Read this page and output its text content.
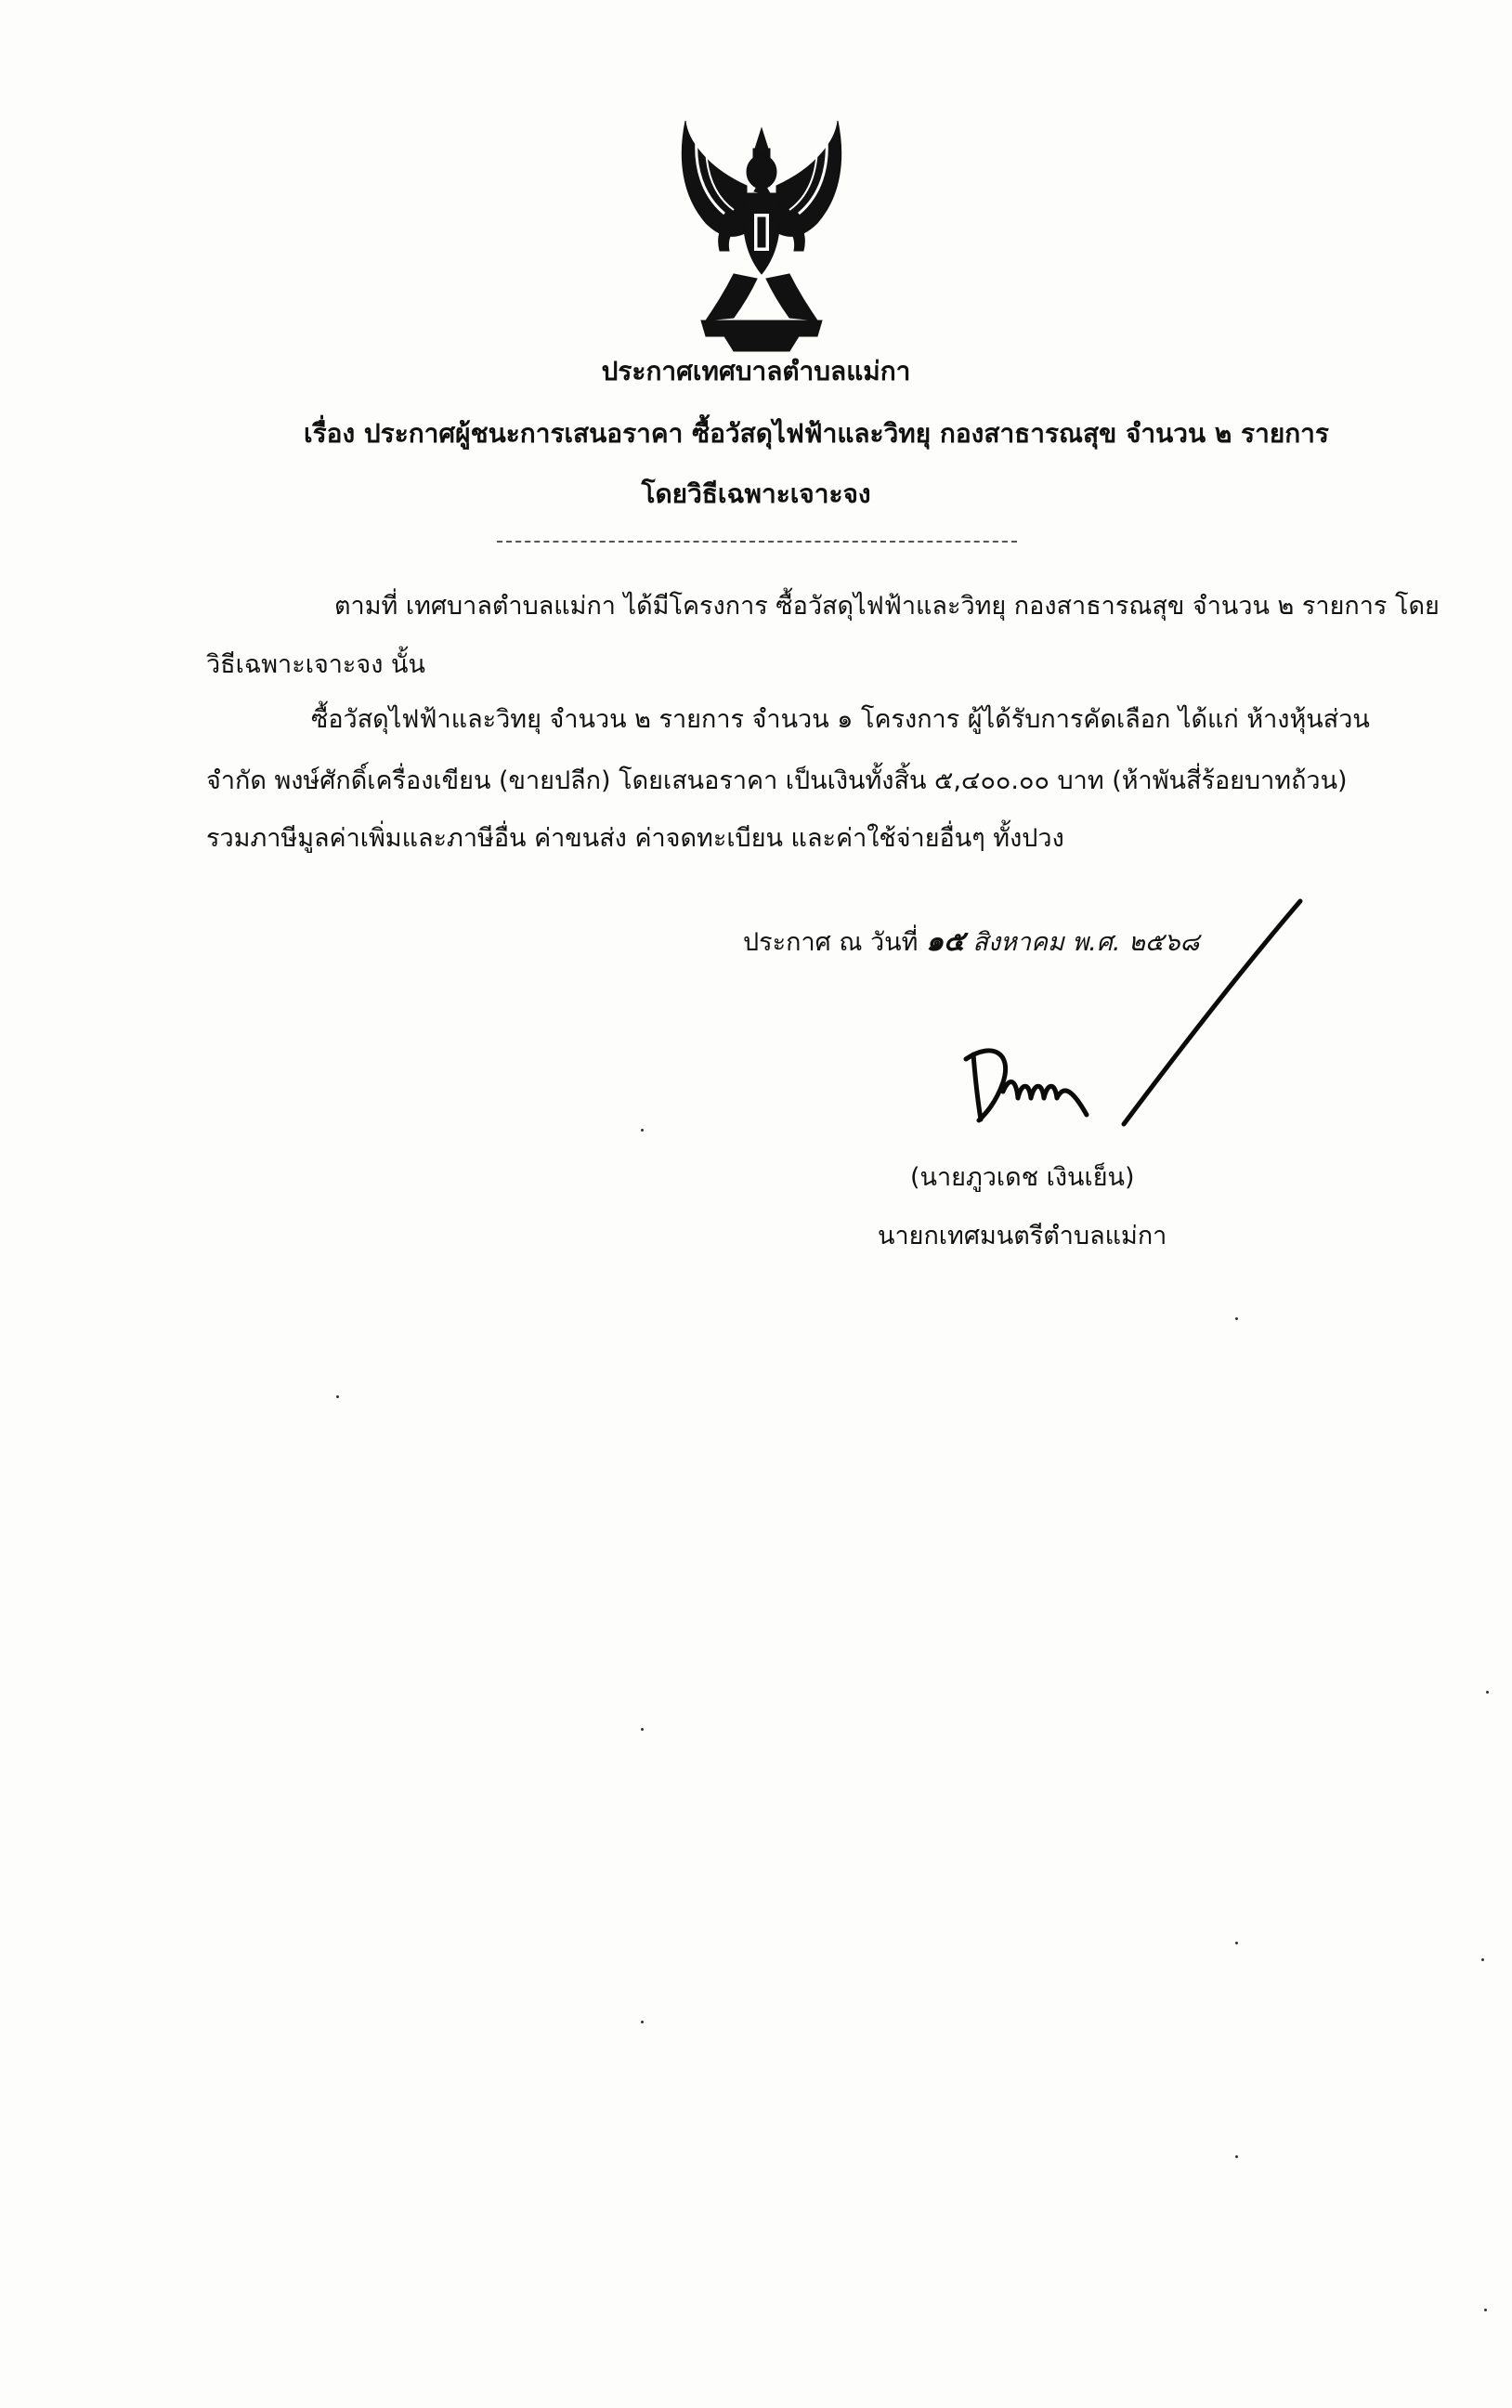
ประกาศเทศบาลตำบลแม่กา
เรื่อง ประกาศผู้ชนะการเสนอราคา ซื้อวัสดุไฟฟ้าและวิทยุ กองสาธารณสุข จำนวน ๒ รายการ
โดยวิธีเฉพาะเจาะจง
ตามที่ เทศบาลตำบลแม่กา ได้มีโครงการ ซื้อวัสดุไฟฟ้าและวิทยุ กองสาธารณสุข จำนวน ๒ รายการ โดย
วิธีเฉพาะเจาะจง นั้น
ซื้อวัสดุไฟฟ้าและวิทยุ จำนวน ๒ รายการ จำนวน ๑ โครงการ ผู้ได้รับการคัดเลือก ได้แก่ ห้างหุ้นส่วน
จำกัด พงษ์ศักดิ์เครื่องเขียน (ขายปลีก) โดยเสนอราคา เป็นเงินทั้งสิ้น ๕,๔๐๐.๐๐ บาท (ห้าพันสี่ร้อยบาทถ้วน)
รวมภาษีมูลค่าเพิ่มและภาษีอื่น ค่าขนส่ง ค่าจดทะเบียน และค่าใช้จ่ายอื่นๆ ทั้งปวง
ประกาศ ณ วันที่ ๑๕ สิงหาคม พ.ศ. ๒๕๖๘
(นายภูวเดช เงินเย็น)
นายกเทศมนตรีตำบลแม่กา
